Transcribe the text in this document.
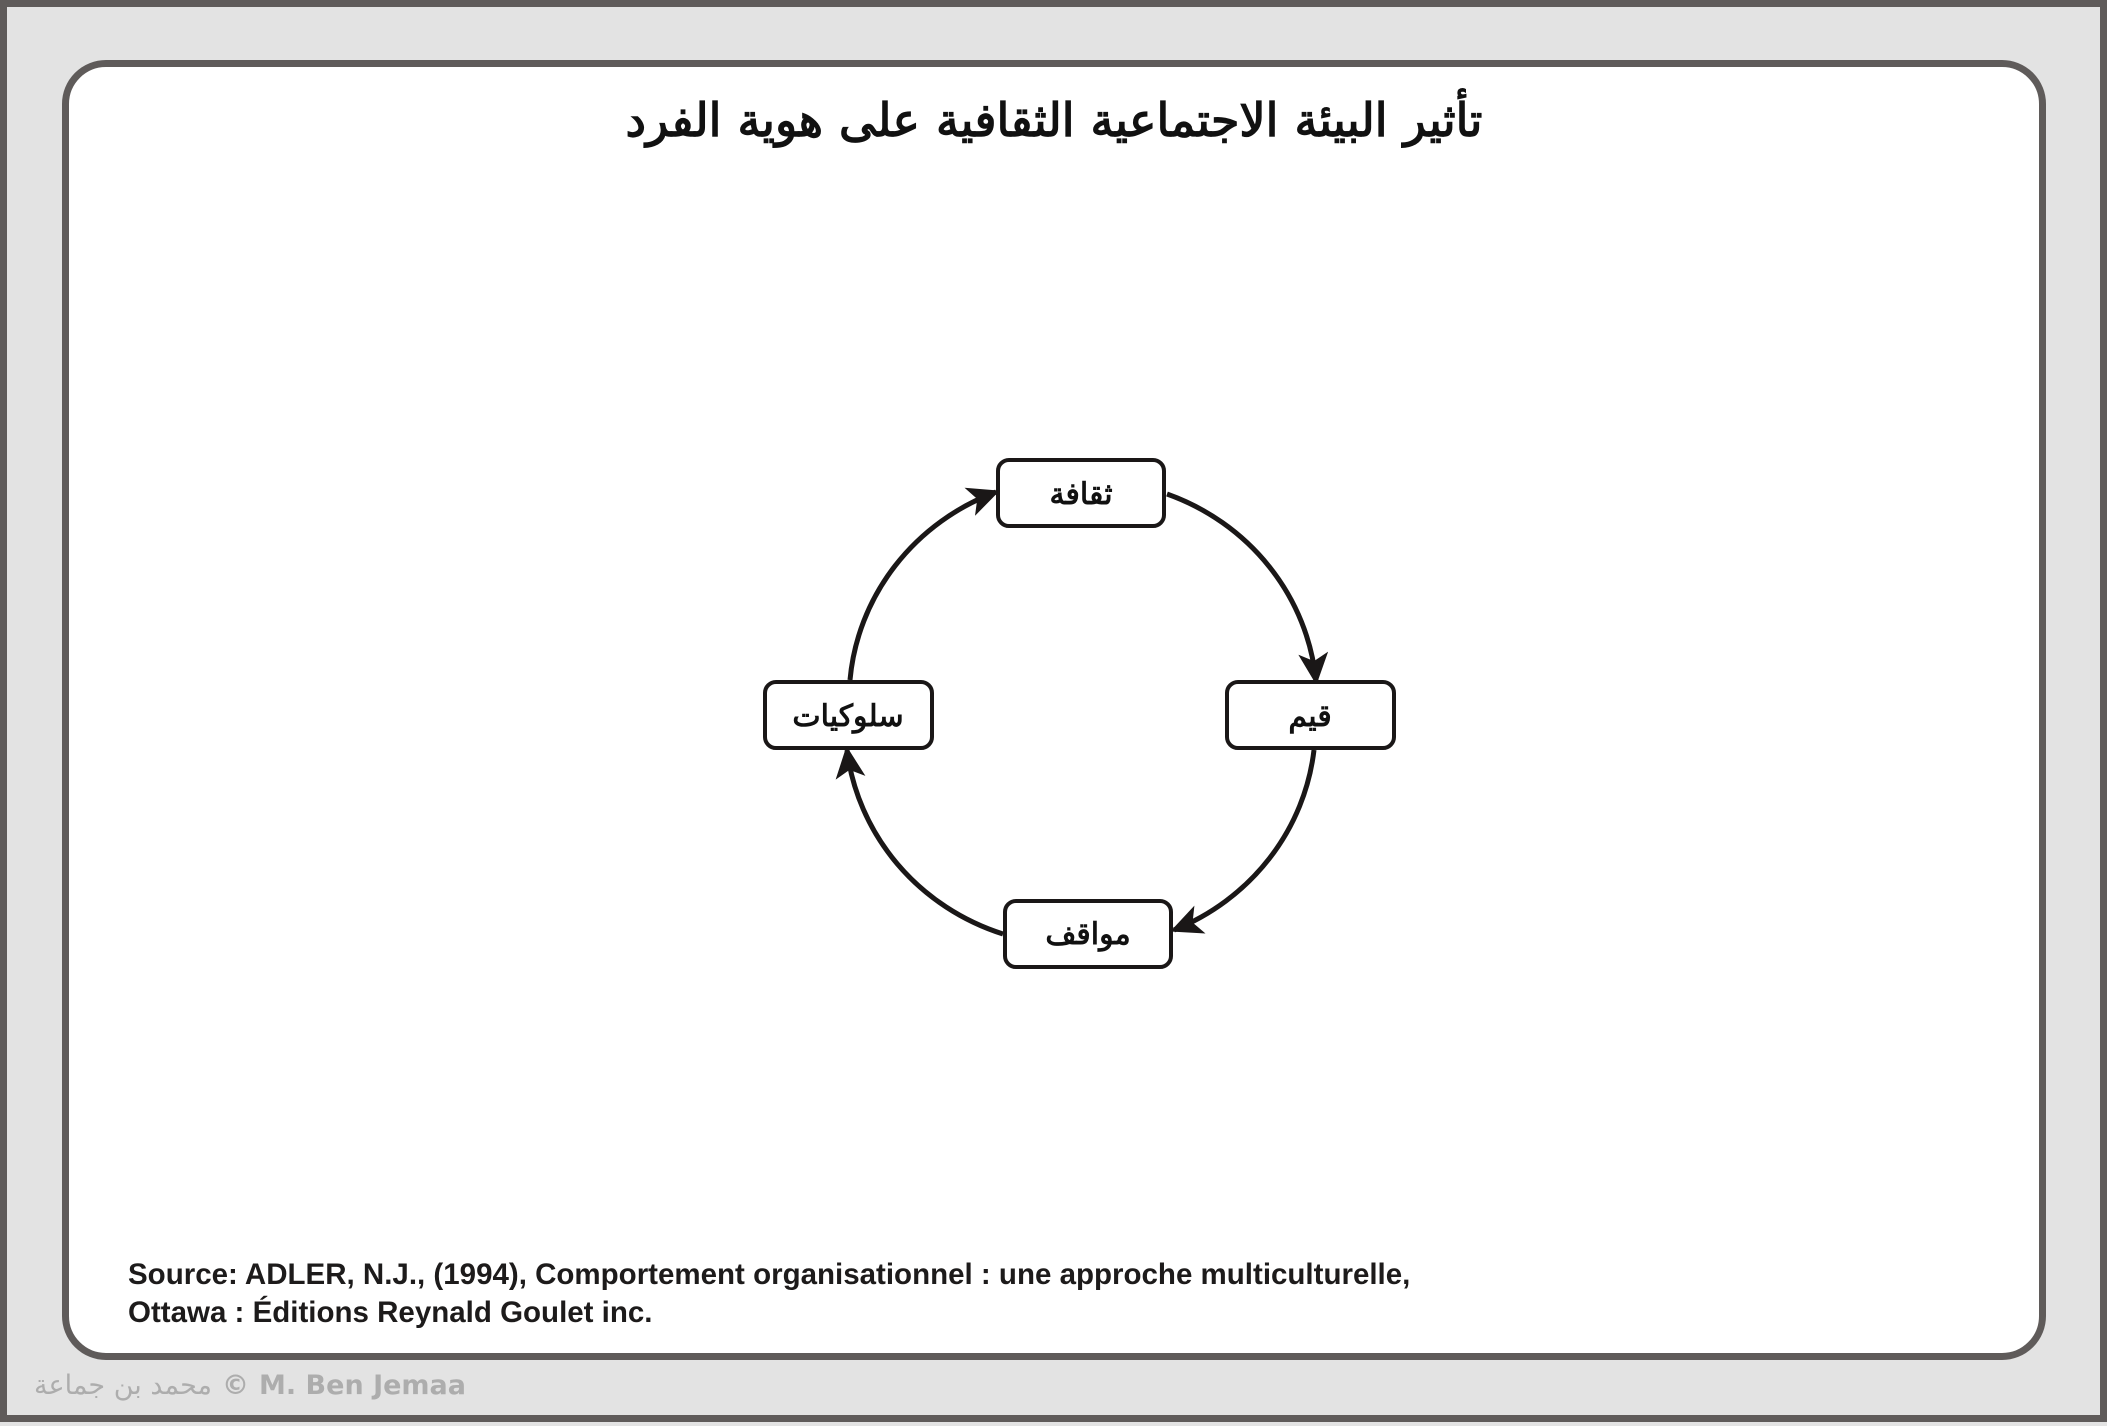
تأثير البيئة الاجتماعية الثقافية على هوية الفرد
ثقافة
قيم
مواقف
سلوكيات
Source: ADLER, N.J., (1994), Comportement organisationnel : une approche multiculturelle,
Ottawa : Éditions Reynald Goulet inc.
محمد بن جماعة © M. Ben Jemaa
